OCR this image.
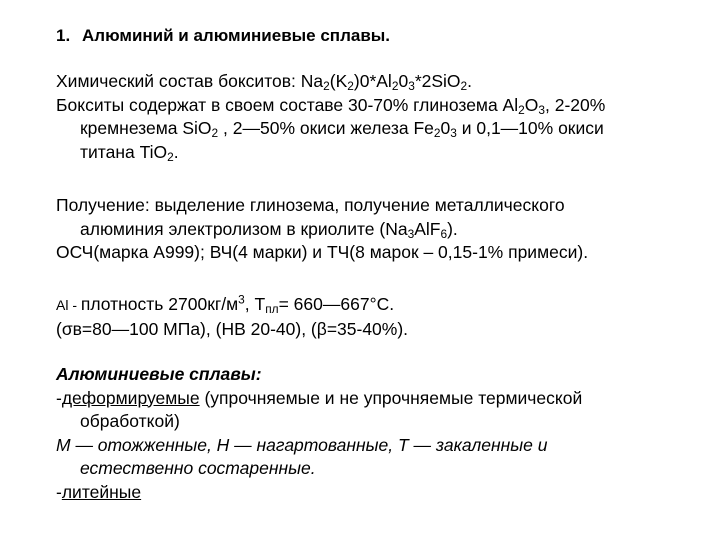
1. Алюминий и алюминиевые сплавы.
Химический состав бокситов: $Na_2(K_2)0*Al_20_3*2SiO_2$.
Бокситы содержат в своем составе 30-70% глинозема $Al_2O_3$, 2-20%
кремнезема SiO$_2$ , 2—50% окиси железа $Fe_20_3$ и 0,1—10% окиси
титана TiO$_2$.
Получение: выделение глинозема, получение металлического
алюминия электролизом в криолите $(Na_3AlF_6)$.
ОСЧ(марка А999); ВЧ(4 марки) и ТЧ(8 марок – 0,15-1% примеси).
Al - плотность $2700кг/м^3$, $T_{пл}=$ 660—667°C.
(σв=80—100 МПа), (НВ 20-40), (β=35-40%).
Алюминиевые сплавы:
-деформируемые (упрочняемые и не упрочняемые термической
обработкой)
М — отожженные, Н — нагартованные, Т — закаленные и
естественно состаренные.
-литейные
